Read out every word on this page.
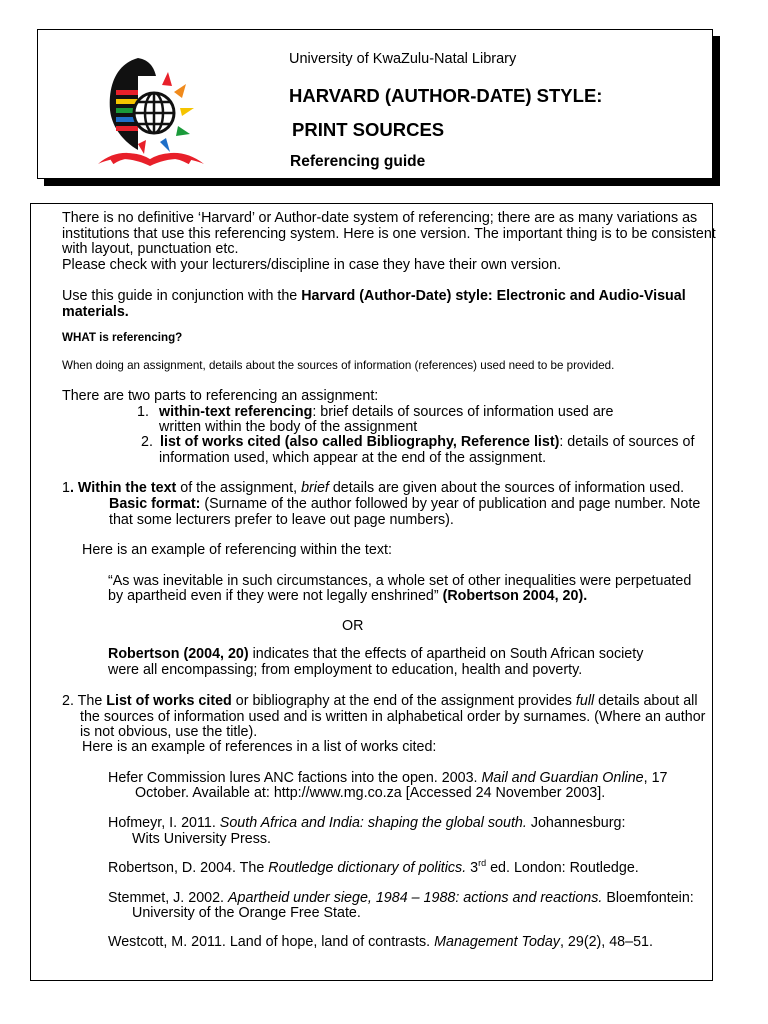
University of KwaZulu-Natal Library
HARVARD (AUTHOR-DATE) STYLE:
PRINT SOURCES
Referencing guide
There is no definitive ‘Harvard’ or Author-date system of referencing; there are as many variations as
institutions that use this referencing system. Here is one version. The important thing is to be consistent
with layout, punctuation etc.
Please check with your lecturers/discipline in case they have their own version.
Use this guide in conjunction with the Harvard (Author-Date) style: Electronic and Audio-Visual
materials.
WHAT is referencing?
When doing an assignment, details about the sources of information (references) used need to be provided.
There are two parts to referencing an assignment:
1. within-text referencing: brief details of sources of information used are
written within the body of the assignment
2. list of works cited (also called Bibliography, Reference list): details of sources of
information used, which appear at the end of the assignment.
1. Within the text of the assignment, brief details are given about the sources of information used.
Basic format: (Surname of the author followed by year of publication and page number. Note
that some lecturers prefer to leave out page numbers).
Here is an example of referencing within the text:
“As was inevitable in such circumstances, a whole set of other inequalities were perpetuated
by apartheid even if they were not legally enshrined” (Robertson 2004, 20).
OR
Robertson (2004, 20) indicates that the effects of apartheid on South African society
were all encompassing; from employment to education, health and poverty.
2. The List of works cited or bibliography at the end of the assignment provides full details about all
the sources of information used and is written in alphabetical order by surnames. (Where an author
is not obvious, use the title).
Here is an example of references in a list of works cited:
Hefer Commission lures ANC factions into the open. 2003. Mail and Guardian Online, 17
October. Available at: http://www.mg.co.za [Accessed 24 November 2003].
Hofmeyr, I. 2011. South Africa and India: shaping the global south. Johannesburg:
Wits University Press.
Robertson, D. 2004. The Routledge dictionary of politics. 3rd ed. London: Routledge.
Stemmet, J. 2002. Apartheid under siege, 1984 – 1988: actions and reactions. Bloemfontein:
University of the Orange Free State.
Westcott, M. 2011. Land of hope, land of contrasts. Management Today, 29(2), 48–51.
